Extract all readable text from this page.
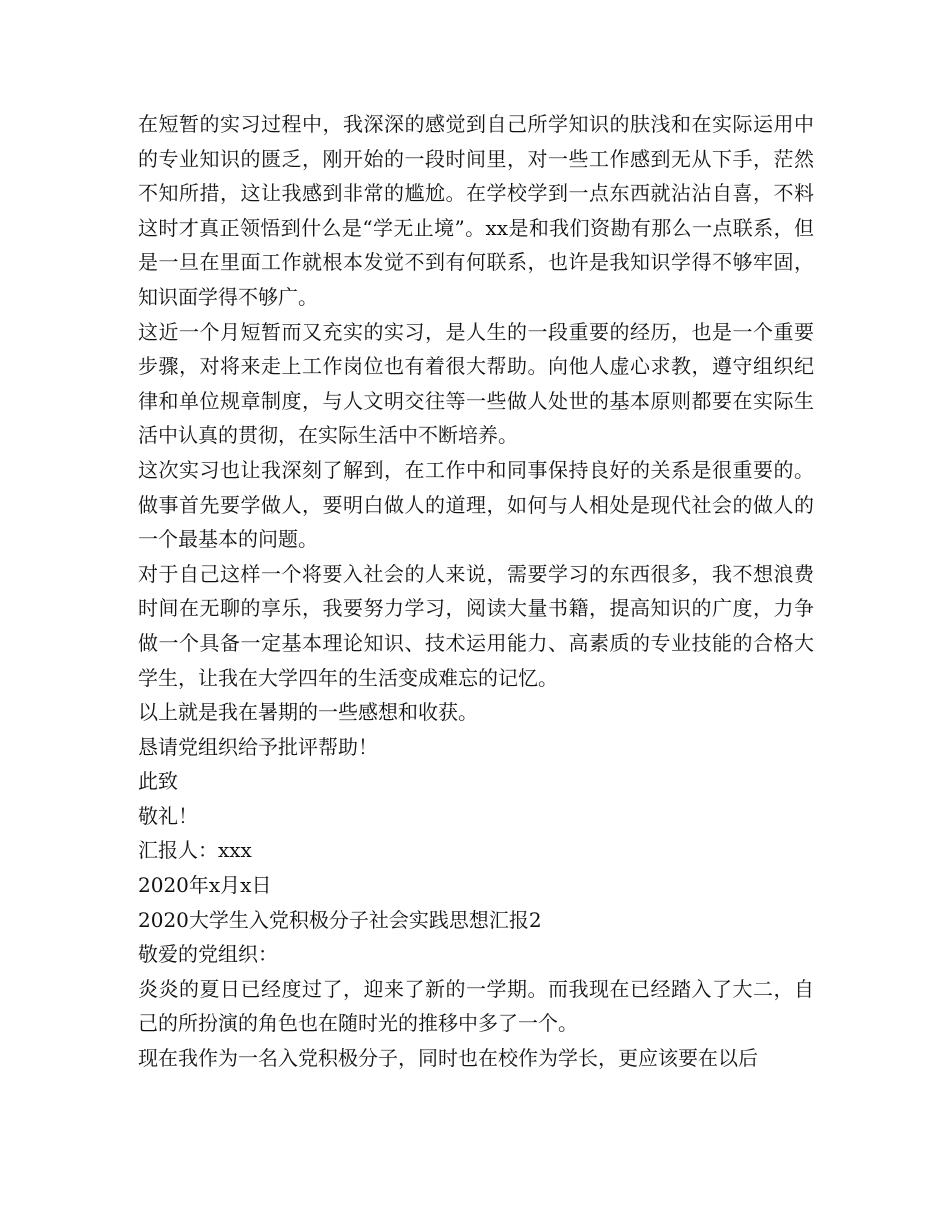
在短暂的实习过程中，我深深的感觉到自己所学知识的肤浅和在实际运用中的专业知识的匮乏，刚开始的一段时间里，对一些工作感到无从下手，茫然不知所措，这让我感到非常的尴尬。在学校学到一点东西就沾沾自喜，不料这时才真正领悟到什么是“学无止境”。xx是和我们资勘有那么一点联系，但是一旦在里面工作就根本发觉不到有何联系，也许是我知识学得不够牢固，知识面学得不够广。

这近一个月短暂而又充实的实习，是人生的一段重要的经历，也是一个重要步骤，对将来走上工作岗位也有着很大帮助。向他人虚心求教，遵守组织纪律和单位规章制度，与人文明交往等一些做人处世的基本原则都要在实际生活中认真的贯彻，在实际生活中不断培养。

这次实习也让我深刻了解到，在工作中和同事保持良好的关系是很重要的。做事首先要学做人，要明白做人的道理，如何与人相处是现代社会的做人的一个最基本的问题。

对于自己这样一个将要入社会的人来说，需要学习的东西很多，我不想浪费时间在无聊的享乐，我要努力学习，阅读大量书籍，提高知识的广度，力争做一个具备一定基本理论知识、技术运用能力、高素质的专业技能的合格大学生，让我在大学四年的生活变成难忘的记忆。

以上就是我在暑期的一些感想和收获。

恳请党组织给予批评帮助！

此致

敬礼！

汇报人：xxx

2020年x月x日

2020大学生入党积极分子社会实践思想汇报2

敬爱的党组织：

炎炎的夏日已经度过了，迎来了新的一学期。而我现在已经踏入了大二，自己的所扮演的角色也在随时光的推移中多了一个。

现在我作为一名入党积极分子，同时也在校作为学长，更应该要在以后
